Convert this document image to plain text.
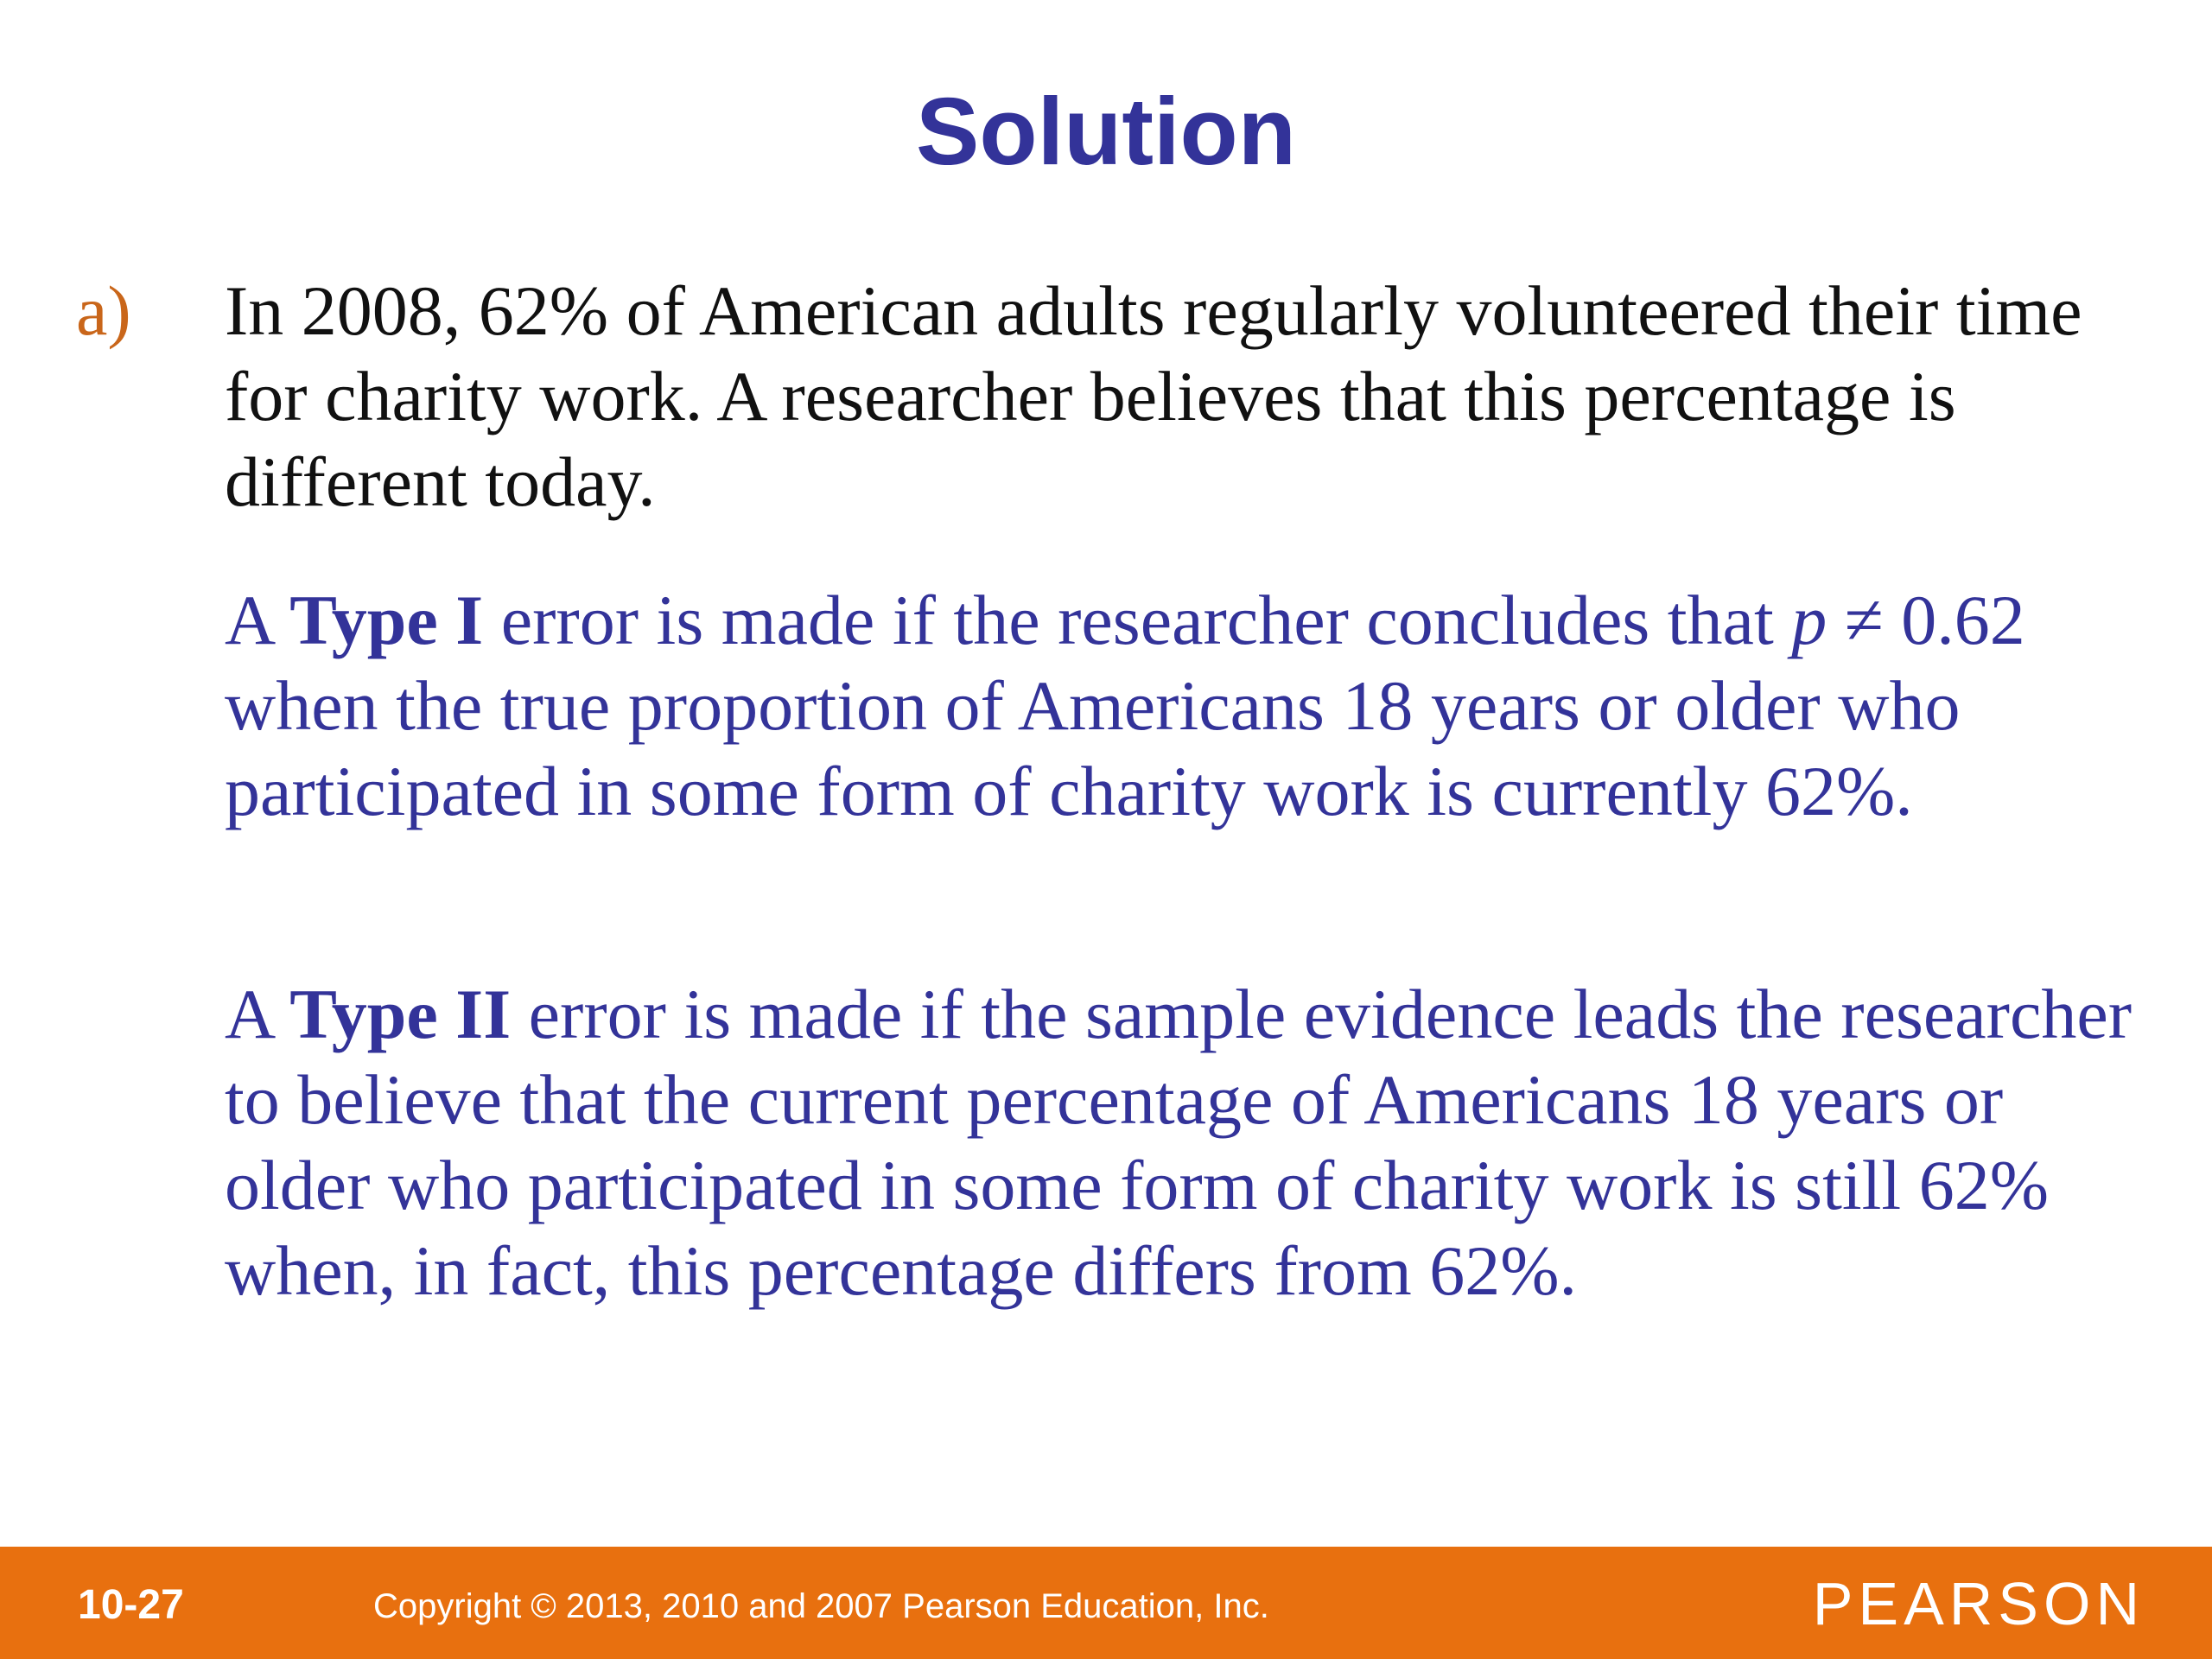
Solution
a) In 2008, 62% of American adults regularly volunteered their time for charity work. A researcher believes that this percentage is different today.

A Type I error is made if the researcher concludes that p ≠ 0.62 when the true proportion of Americans 18 years or older who participated in some form of charity work is currently 62%.

A Type II error is made if the sample evidence leads the researcher to believe that the current percentage of Americans 18 years or older who participated in some form of charity work is still 62% when, in fact, this percentage differs from 62%.

10-27	Copyright © 2013, 2010 and 2007 Pearson Education, Inc.	PEARSON
